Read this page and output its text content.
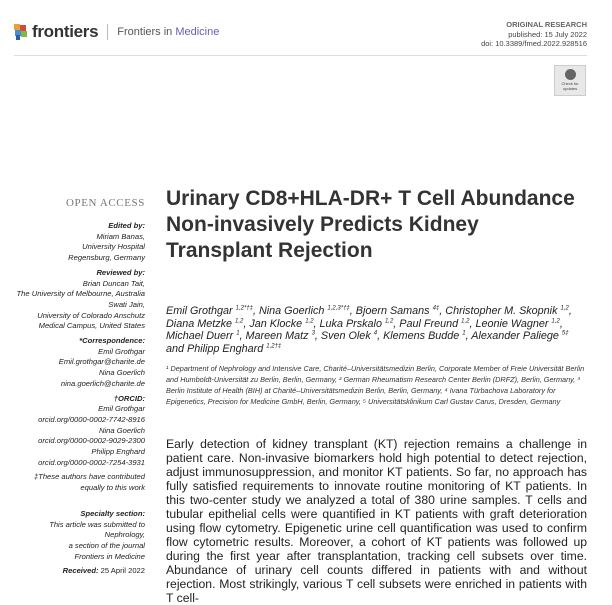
frontiers Frontiers in Medicine
ORIGINAL RESEARCH
published: 15 July 2022
doi: 10.3389/fmed.2022.928516
Check for
updates
OPEN ACCESS
Edited by:
Miriam Banas,
University Hospital
Regensburg, Germany
Reviewed by:
Brian Duncan Tait,
The University of Melbourne, Australia
Swati Jain,
University of Colorado Anschutz
Medical Campus, United States
*Correspondence:
Emil Grothgar
Emil.grothgar@charite.de
Nina Goerlich
nina.goerlich@charite.de
†ORCID:
Emil Grothgar
orcid.org/0000-0002-7742-8916
Nina Goerlich
orcid.org/0000-0002-9029-2300
Philipp Enghard
orcid.org/0000-0002-7254-3931
‡These authors have contributed
equally to this work
Specialty section:
This article was submitted to
Nephrology,
a section of the journal
Frontiers in Medicine
Received: 25 April 2022
Urinary CD8+HLA-DR+ T Cell Abundance Non-invasively Predicts Kidney Transplant Rejection
Emil Grothgar $^{1,2*\dagger\ddagger}$, Nina Goerlich $^{1,2,3*\dagger\ddagger}$, Bjoern Samans $^{4\ddagger}$, Christopher M. Skopnik $^{1,2}$, Diana Metzke $^{1,2}$, Jan Klocke $^{1,2}$, Luka Prskalo $^{1,2}$, Paul Freund $^{1,2}$, Leonie Wagner $^{1,2}$, Michael Duerr $^1$, Mareen Matz $^3$, Sven Olek $^4$, Klemens Budde $^1$, Alexander Paliege $^{5\ddagger}$ and Philipp Enghard $^{1,2\dagger\ddagger}$
¹ Department of Nephrology and Intensive Care, Charité–Universitätsmedizin Berlin, Corporate Member of Freie Universität Berlin and Humboldt-Universität zu Berlin, Berlin, Germany, ² German Rheumatism Research Center Berlin (DRFZ), Berlin, Germany, ³ Berlin Institute of Health (BIH) at Charité–Universitätsmedizin Berlin, Berlin, Germany, ⁴ Ivana Türbachova Laboratory for Epigenetics, Precision for Medicine GmbH, Berlin, Germany, ⁵ Universitätsklinikum Carl Gustav Carus, Dresden, Germany
Early detection of kidney transplant (KT) rejection remains a challenge in patient care. Non-invasive biomarkers hold high potential to detect rejection, adjust immunosuppression, and monitor KT patients. So far, no approach has fully satisfied requirements to innovate routine monitoring of KT patients. In this two-center study we analyzed a total of 380 urine samples. T cells and tubular epithelial cells were quantified in KT patients with graft deterioration using flow cytometry. Epigenetic urine cell quantification was used to confirm flow cytometric results. Moreover, a cohort of KT patients was followed up during the first year after transplantation, tracking cell subsets over time. Abundance of urinary cell counts differed in patients with and without rejection. Most strikingly, various T cell subsets were enriched in patients with T cell-
